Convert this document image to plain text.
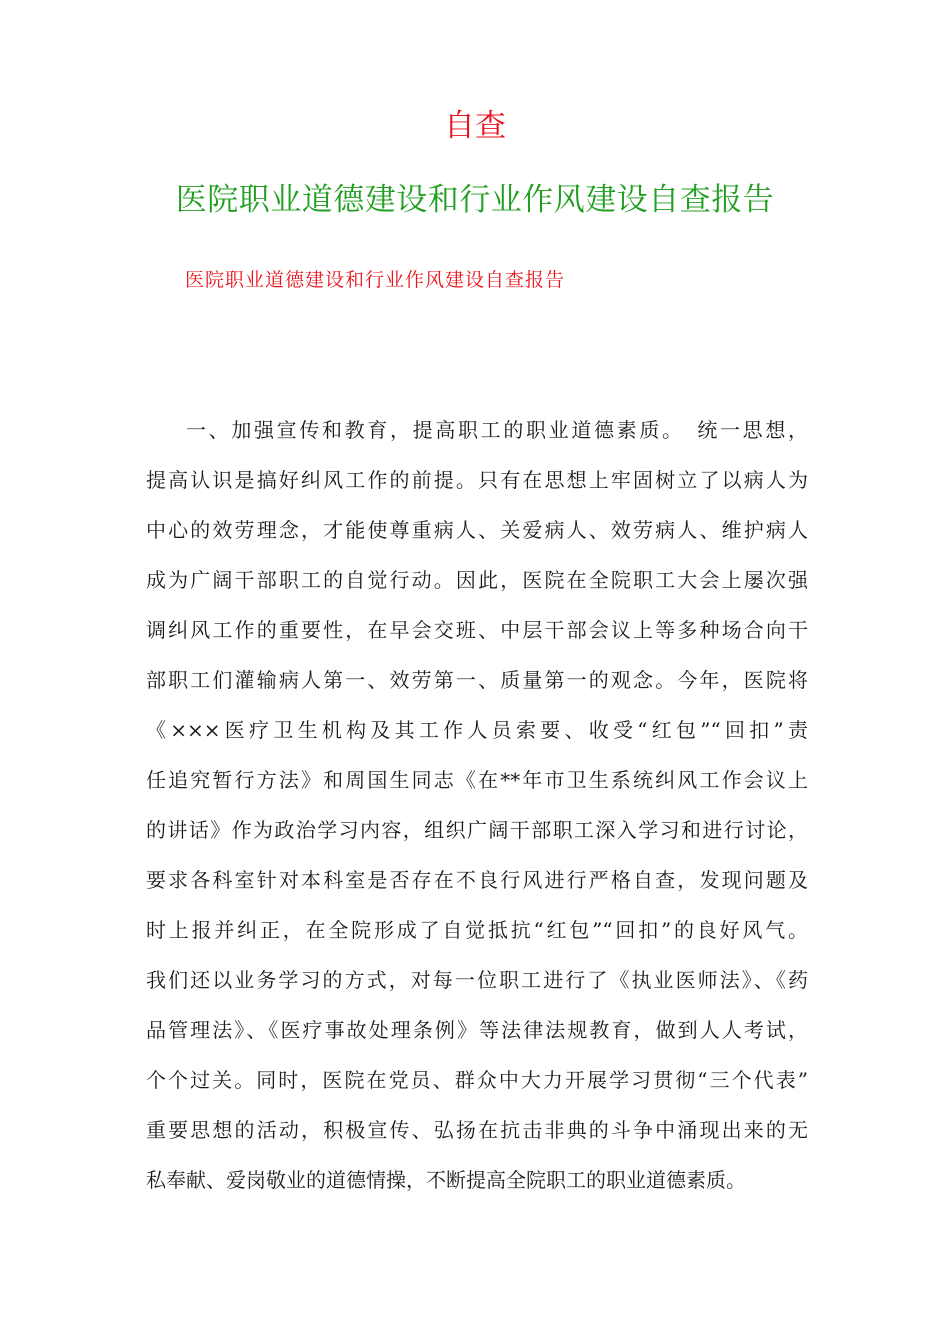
自查
医院职业道德建设和行业作风建设自查报告

医院职业道德建设和行业作风建设自查报告

一、加强宣传和教育，提高职工的职业道德素质。　统一思想，
提高认识是搞好纠风工作的前提。只有在思想上牢固树立了以病人为
中心的效劳理念，才能使尊重病人、关爱病人、效劳病人、维护病人
成为广阔干部职工的自觉行动。因此，医院在全院职工大会上屡次强
调纠风工作的重要性，在早会交班、中层干部会议上等多种场合向干
部职工们灌输病人第一、效劳第一、质量第一的观念。今年，医院将
《×××医疗卫生机构及其工作人员索要、收受“红包”“回扣”责
任追究暂行方法》和周国生同志《在**年市卫生系统纠风工作会议上
的讲话》作为政治学习内容，组织广阔干部职工深入学习和进行讨论，
要求各科室针对本科室是否存在不良行风进行严格自查，发现问题及
时上报并纠正，在全院形成了自觉抵抗“红包”“回扣”的良好风气。
我们还以业务学习的方式，对每一位职工进行了《执业医师法》、《药
品管理法》、《医疗事故处理条例》等法律法规教育，做到人人考试，
个个过关。同时，医院在党员、群众中大力开展学习贯彻“三个代表”
重要思想的活动，积极宣传、弘扬在抗击非典的斗争中涌现出来的无
私奉献、爱岗敬业的道德情操，不断提高全院职工的职业道德素质。
